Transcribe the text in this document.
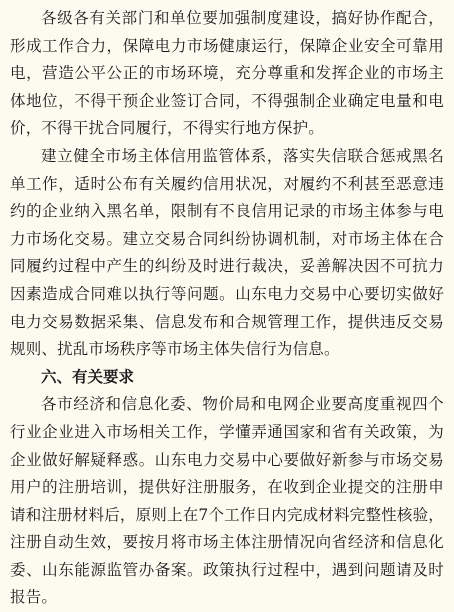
各级各有关部门和单位要加强制度建设，搞好协作配合，形成工作合力，保障电力市场健康运行，保障企业安全可靠用电，营造公平公正的市场环境，充分尊重和发挥企业的市场主体地位，不得干预企业签订合同，不得强制企业确定电量和电价，不得干扰合同履行，不得实行地方保护。

建立健全市场主体信用监管体系，落实失信联合惩戒黑名单工作，适时公布有关履约信用状况，对履约不利甚至恶意违约的企业纳入黑名单，限制有不良信用记录的市场主体参与电力市场化交易。建立交易合同纠纷协调机制，对市场主体在合同履约过程中产生的纠纷及时进行裁决，妥善解决因不可抗力因素造成合同难以执行等问题。山东电力交易中心要切实做好电力交易数据采集、信息发布和合规管理工作，提供违反交易规则、扰乱市场秩序等市场主体失信行为信息。

六、有关要求

各市经济和信息化委、物价局和电网企业要高度重视四个行业企业进入市场相关工作，学懂弄通国家和省有关政策，为企业做好解疑释惑。山东电力交易中心要做好新参与市场交易用户的注册培训，提供好注册服务，在收到企业提交的注册申请和注册材料后，原则上在7个工作日内完成材料完整性核验，注册自动生效，要按月将市场主体注册情况向省经济和信息化委、山东能源监管办备案。政策执行过程中，遇到问题请及时报告。
